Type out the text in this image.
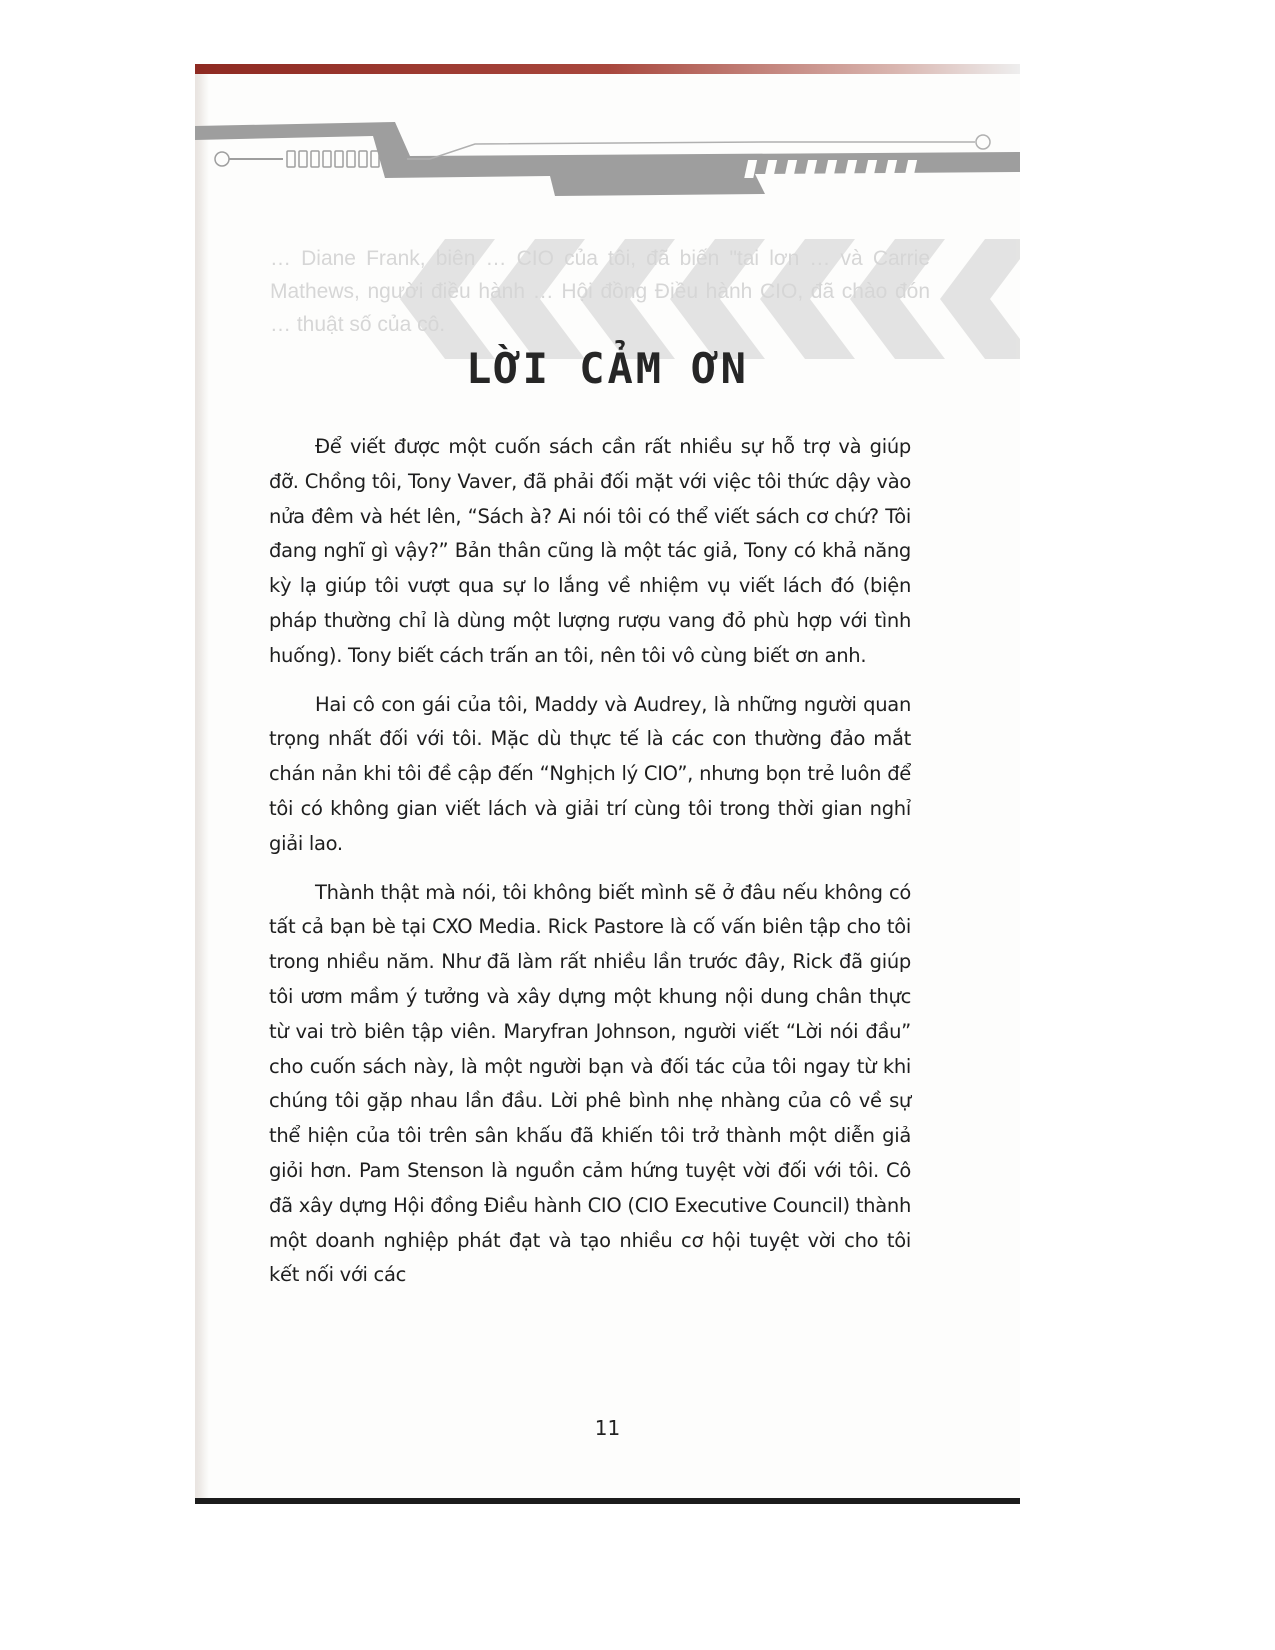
… Diane Frank, biên … CIO của tôi, đã biến "tai lơn … và Carrie Mathews, người điều hành … Hội đồng Điều hành CIO, đã chào đón … thuật số của cô.
LỜI CẢM ƠN

Để viết được một cuốn sách cần rất nhiều sự hỗ trợ và giúp đỡ. Chồng tôi, Tony Vaver, đã phải đối mặt với việc tôi thức dậy vào nửa đêm và hét lên, “Sách à? Ai nói tôi có thể viết sách cơ chứ? Tôi đang nghĩ gì vậy?” Bản thân cũng là một tác giả, Tony có khả năng kỳ lạ giúp tôi vượt qua sự lo lắng về nhiệm vụ viết lách đó (biện pháp thường chỉ là dùng một lượng rượu vang đỏ phù hợp với tình huống). Tony biết cách trấn an tôi, nên tôi vô cùng biết ơn anh.

Hai cô con gái của tôi, Maddy và Audrey, là những người quan trọng nhất đối với tôi. Mặc dù thực tế là các con thường đảo mắt chán nản khi tôi đề cập đến “Nghịch lý CIO”, nhưng bọn trẻ luôn để tôi có không gian viết lách và giải trí cùng tôi trong thời gian nghỉ giải lao.

Thành thật mà nói, tôi không biết mình sẽ ở đâu nếu không có tất cả bạn bè tại CXO Media. Rick Pastore là cố vấn biên tập cho tôi trong nhiều năm. Như đã làm rất nhiều lần trước đây, Rick đã giúp tôi ươm mầm ý tưởng và xây dựng một khung nội dung chân thực từ vai trò biên tập viên. Maryfran Johnson, người viết “Lời nói đầu” cho cuốn sách này, là một người bạn và đối tác của tôi ngay từ khi chúng tôi gặp nhau lần đầu. Lời phê bình nhẹ nhàng của cô về sự thể hiện của tôi trên sân khấu đã khiến tôi trở thành một diễn giả giỏi hơn. Pam Stenson là nguồn cảm hứng tuyệt vời đối với tôi. Cô đã xây dựng Hội đồng Điều hành CIO (CIO Executive Council) thành một doanh nghiệp phát đạt và tạo nhiều cơ hội tuyệt vời cho tôi kết nối với các

11
